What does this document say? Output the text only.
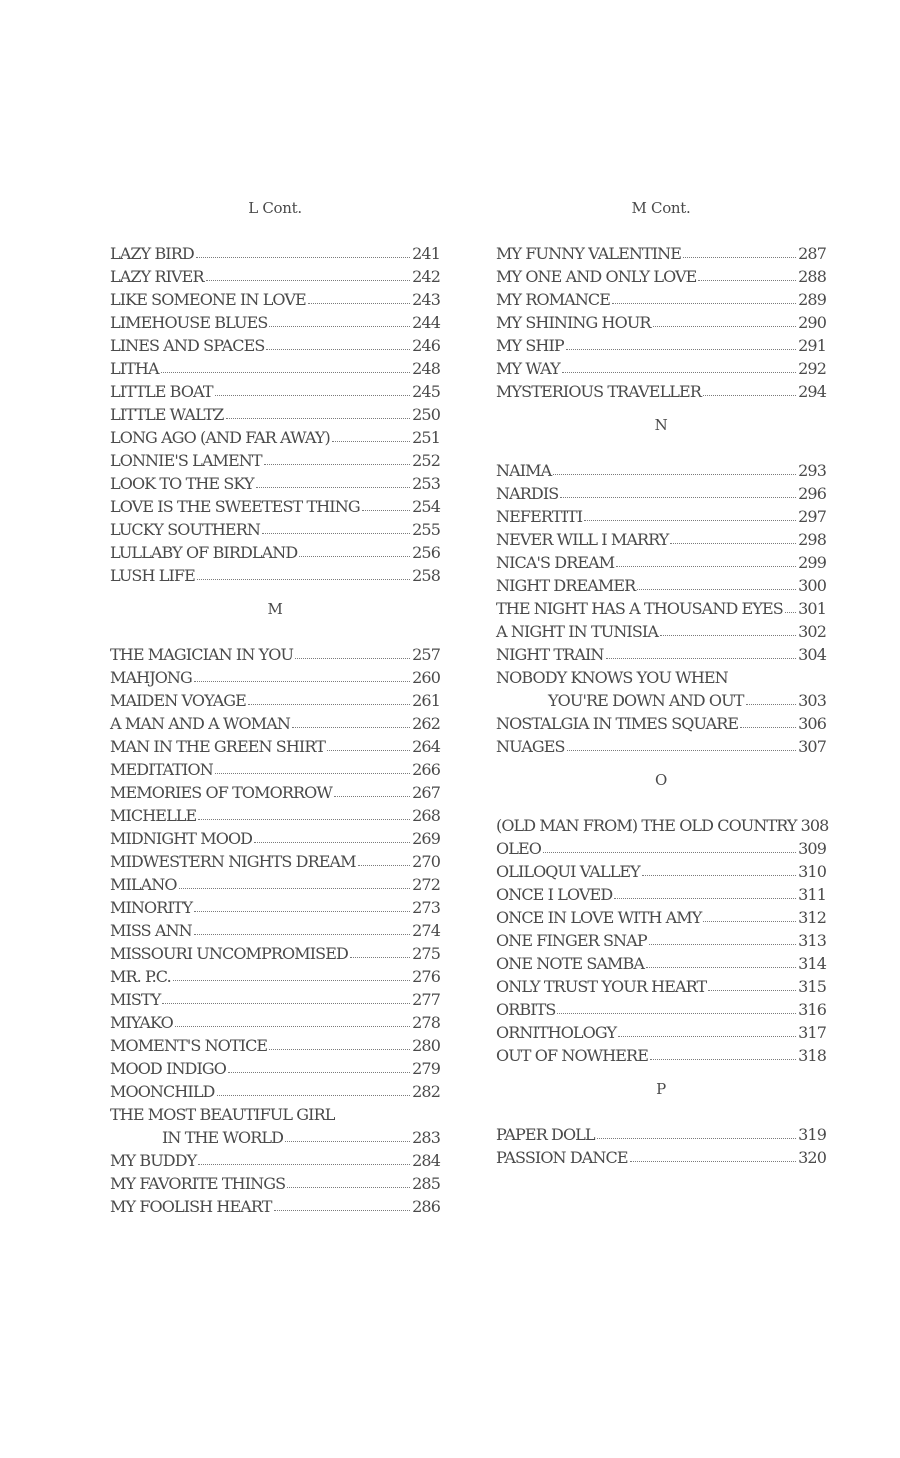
L Cont.
LAZY BIRD	241
LAZY RIVER	242
LIKE SOMEONE IN LOVE	243
LIMEHOUSE BLUES	244
LINES AND SPACES	246
LITHA	248
LITTLE BOAT	245
LITTLE WALTZ	250
LONG AGO (AND FAR AWAY)	251
LONNIE'S LAMENT	252
LOOK TO THE SKY	253
LOVE IS THE SWEETEST THING	254
LUCKY SOUTHERN	255
LULLABY OF BIRDLAND	256
LUSH LIFE	258
M
THE MAGICIAN IN YOU	257
MAHJONG	260
MAIDEN VOYAGE	261
A MAN AND A WOMAN	262
MAN IN THE GREEN SHIRT	264
MEDITATION	266
MEMORIES OF TOMORROW	267
MICHELLE	268
MIDNIGHT MOOD	269
MIDWESTERN NIGHTS DREAM	270
MILANO	272
MINORITY	273
MISS ANN	274
MISSOURI UNCOMPROMISED	275
MR. P.C.	276
MISTY	277
MIYAKO	278
MOMENT'S NOTICE	280
MOOD INDIGO	279
MOONCHILD	282
THE MOST BEAUTIFUL GIRL
IN THE WORLD	283
MY BUDDY	284
MY FAVORITE THINGS	285
MY FOOLISH HEART	286
M Cont.
MY FUNNY VALENTINE	287
MY ONE AND ONLY LOVE	288
MY ROMANCE	289
MY SHINING HOUR	290
MY SHIP	291
MY WAY	292
MYSTERIOUS TRAVELLER	294
N
NAIMA	293
NARDIS	296
NEFERTITI	297
NEVER WILL I MARRY	298
NICA'S DREAM	299
NIGHT DREAMER	300
THE NIGHT HAS A THOUSAND EYES 301
A NIGHT IN TUNISIA	302
NIGHT TRAIN	304
NOBODY KNOWS YOU WHEN
YOU'RE DOWN AND OUT	303
NOSTALGIA IN TIMES SQUARE	306
NUAGES	307
O
(OLD MAN FROM) THE OLD COUNTRY 308
OLEO	309
OLILOQUI VALLEY	310
ONCE I LOVED	311
ONCE IN LOVE WITH AMY	312
ONE FINGER SNAP	313
ONE NOTE SAMBA	314
ONLY TRUST YOUR HEART	315
ORBITS	316
ORNITHOLOGY	317
OUT OF NOWHERE	318
P
PAPER DOLL	319
PASSION DANCE	320
